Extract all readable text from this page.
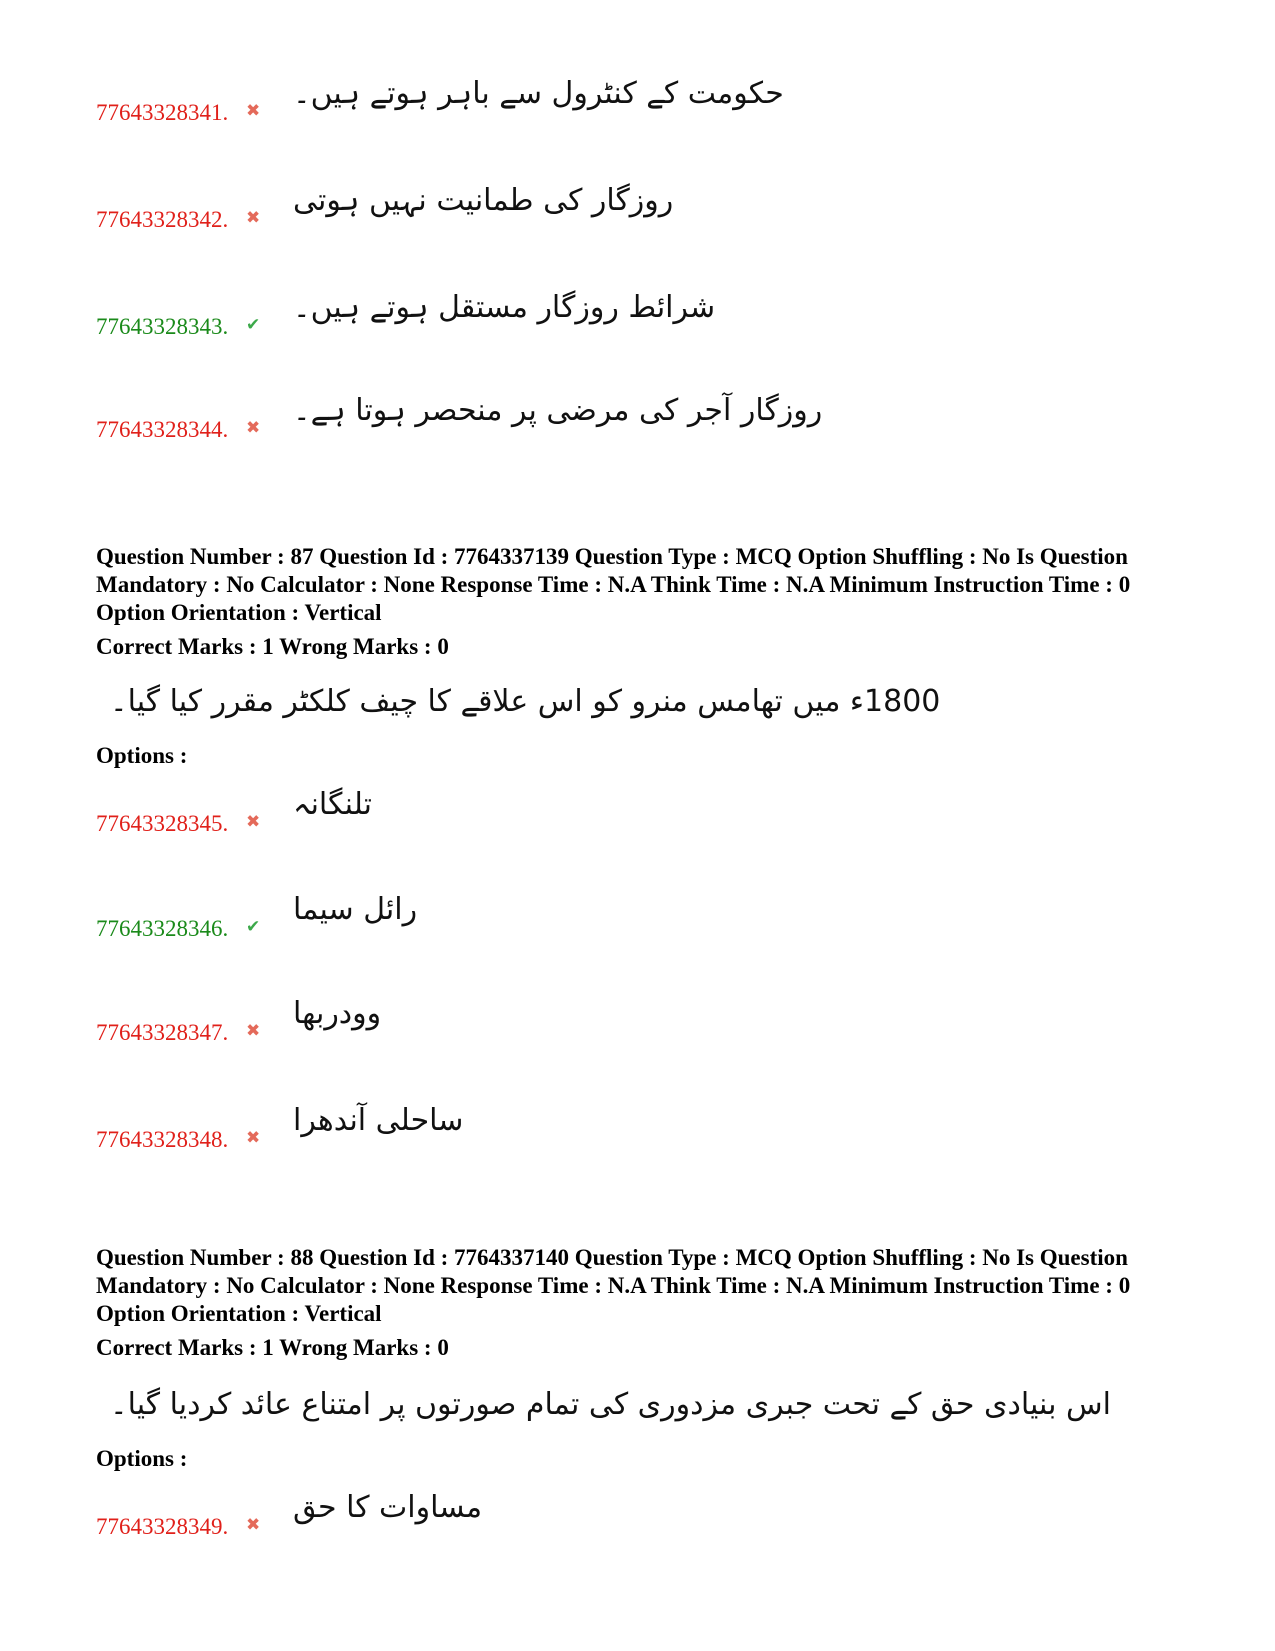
77643328341. ✖ حکومت کے کنٹرول سے باہر ہوتے ہیں۔
77643328342. ✖ روزگار کی طمانیت نہیں ہوتی
77643328343. ✔ شرائط روزگار مستقل ہوتے ہیں۔
77643328344. ✖ روزگار آجر کی مرضی پر منحصر ہوتا ہے۔
Question Number : 87 Question Id : 7764337139 Question Type : MCQ Option Shuffling : No Is Question Mandatory : No Calculator : None Response Time : N.A Think Time : N.A Minimum Instruction Time : 0 Option Orientation : Vertical
Correct Marks : 1 Wrong Marks : 0
1800ء میں تھامس منرو کو اس علاقے کا چیف کلکٹر مقرر کیا گیا۔
Options :
77643328345. ✖ تلنگانہ
77643328346. ✔ رائل سیما
77643328347. ✖ وودربھا
77643328348. ✖ ساحلی آندھرا
Question Number : 88 Question Id : 7764337140 Question Type : MCQ Option Shuffling : No Is Question Mandatory : No Calculator : None Response Time : N.A Think Time : N.A Minimum Instruction Time : 0 Option Orientation : Vertical
Correct Marks : 1 Wrong Marks : 0
اس بنیادی حق کے تحت جبری مزدوری کی تمام صورتوں پر امتناع عائد کردیا گیا۔
Options :
77643328349. ✖ مساوات کا حق
